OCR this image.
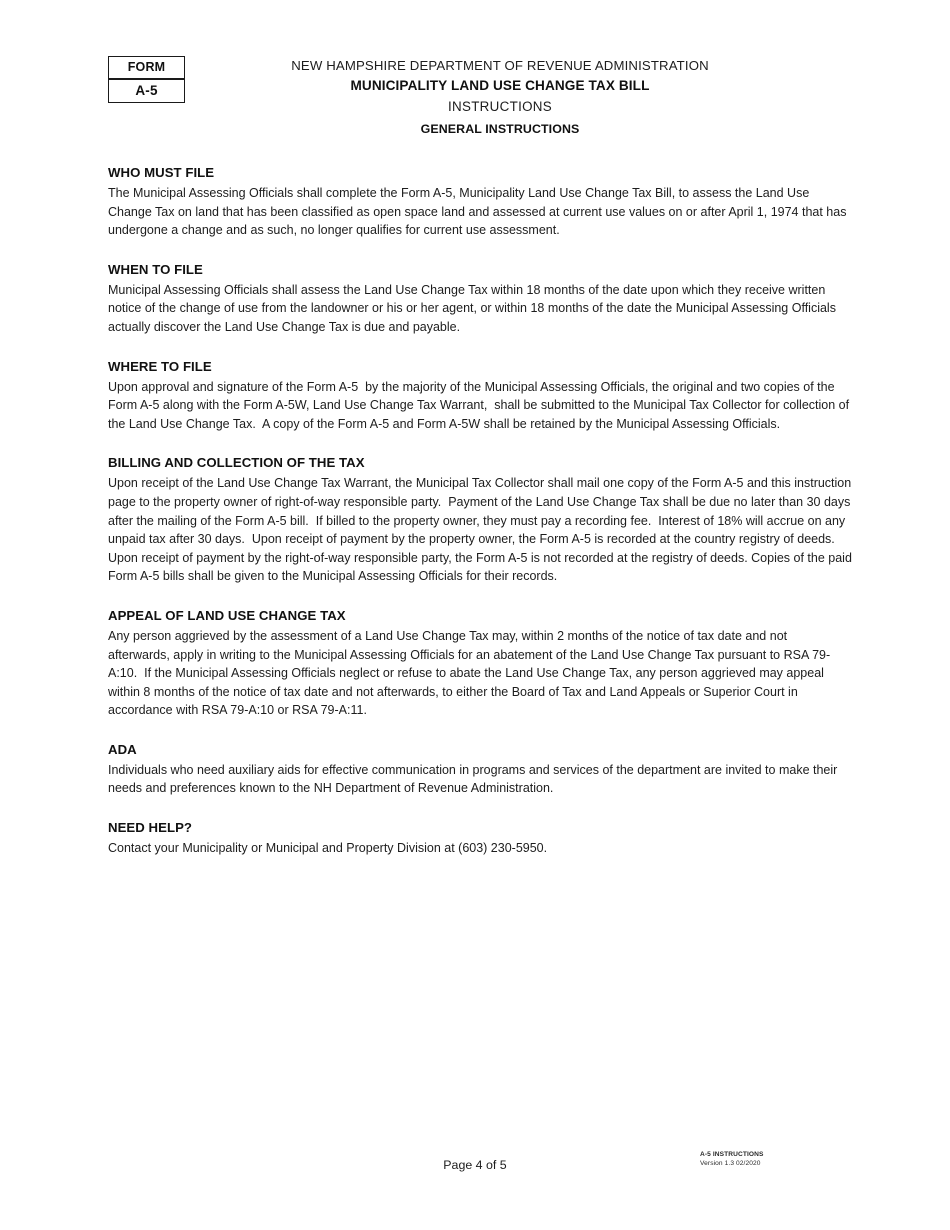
FORM
A-5
NEW HAMPSHIRE DEPARTMENT OF REVENUE ADMINISTRATION
MUNICIPALITY LAND USE CHANGE TAX BILL
INSTRUCTIONS
GENERAL INSTRUCTIONS
WHO MUST FILE
The Municipal Assessing Officials shall complete the Form A-5, Municipality Land Use Change Tax Bill, to assess the Land Use Change Tax on land that has been classified as open space land and assessed at current use values on or after April 1, 1974 that has undergone a change and as such, no longer qualifies for current use assessment.
WHEN TO FILE
Municipal Assessing Officials shall assess the Land Use Change Tax within 18 months of the date upon which they receive written notice of the change of use from the landowner or his or her agent, or within 18 months of the date the Municipal Assessing Officials actually discover the Land Use Change Tax is due and payable.
WHERE TO FILE
Upon approval and signature of the Form A-5  by the majority of the Municipal Assessing Officials, the original and two copies of the Form A-5 along with the Form A-5W, Land Use Change Tax Warrant,  shall be submitted to the Municipal Tax Collector for collection of the Land Use Change Tax.  A copy of the Form A-5 and Form A-5W shall be retained by the Municipal Assessing Officials.
BILLING AND COLLECTION OF THE TAX
Upon receipt of the Land Use Change Tax Warrant, the Municipal Tax Collector shall mail one copy of the Form A-5 and this instruction page to the property owner of right-of-way responsible party.  Payment of the Land Use Change Tax shall be due no later than 30 days after the mailing of the Form A-5 bill.  If billed to the property owner, they must pay a recording fee.  Interest of 18% will accrue on any unpaid tax after 30 days.  Upon receipt of payment by the property owner, the Form A-5 is recorded at the country registry of deeds.  Upon receipt of payment by the right-of-way responsible party, the Form A-5 is not recorded at the registry of deeds. Copies of the paid Form A-5 bills shall be given to the Municipal Assessing Officials for their records.
APPEAL OF LAND USE CHANGE TAX
Any person aggrieved by the assessment of a Land Use Change Tax may, within 2 months of the notice of tax date and not afterwards, apply in writing to the Municipal Assessing Officials for an abatement of the Land Use Change Tax pursuant to RSA 79-A:10.  If the Municipal Assessing Officials neglect or refuse to abate the Land Use Change Tax, any person aggrieved may appeal within 8 months of the notice of tax date and not afterwards, to either the Board of Tax and Land Appeals or Superior Court in accordance with RSA 79-A:10 or RSA 79-A:11.
ADA
Individuals who need auxiliary aids for effective communication in programs and services of the department are invited to make their needs and preferences known to the NH Department of Revenue Administration.
NEED HELP?
Contact your Municipality or Municipal and Property Division at (603) 230-5950.
Page 4 of 5
A-5 INSTRUCTIONS
Version 1.3 02/2020
